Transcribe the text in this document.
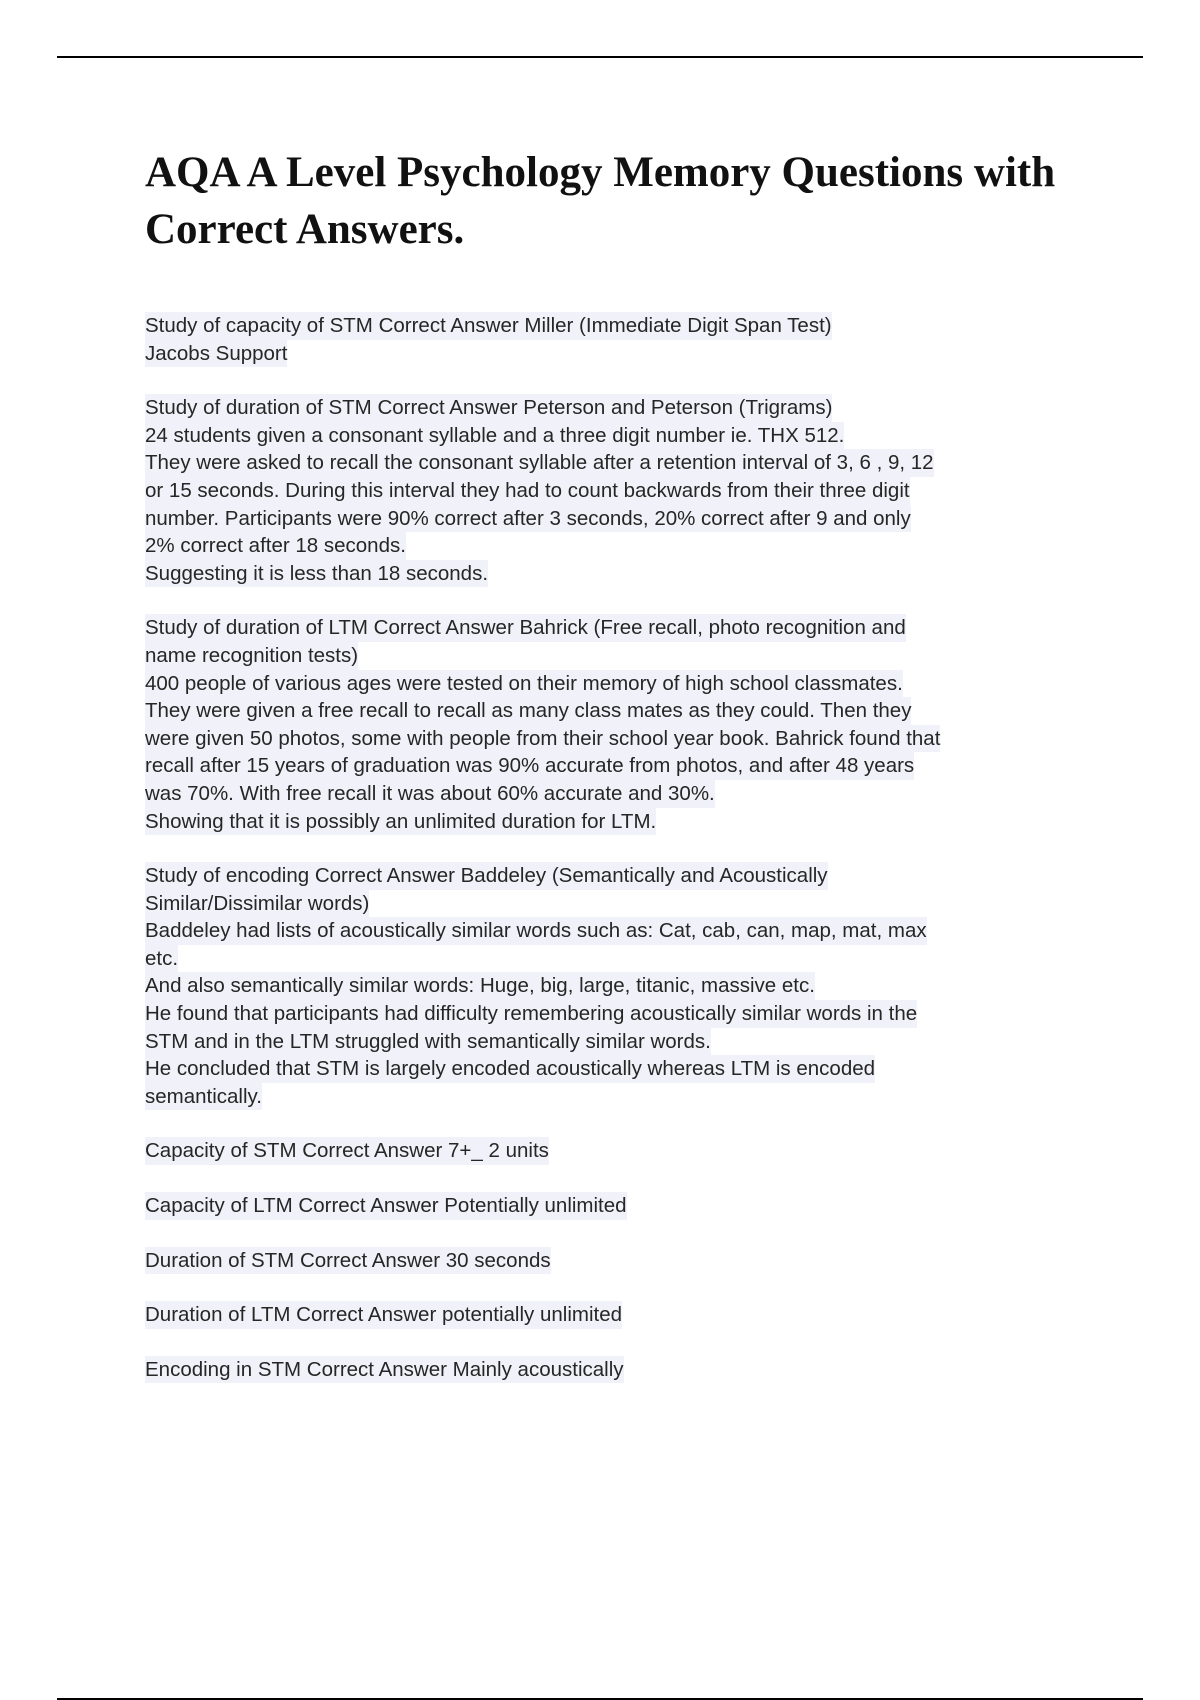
AQA A Level Psychology Memory Questions with Correct Answers.
Study of capacity of STM Correct Answer Miller (Immediate Digit Span Test)
Jacobs Support
Study of duration of STM Correct Answer Peterson and Peterson (Trigrams)
24 students given a consonant syllable and a three digit number ie. THX 512.
They were asked to recall the consonant syllable after a retention interval of 3, 6 , 9, 12
or 15 seconds. During this interval they had to count backwards from their three digit
number. Participants were 90% correct after 3 seconds, 20% correct after 9 and only
2% correct after 18 seconds.
Suggesting it is less than 18 seconds.
Study of duration of LTM Correct Answer Bahrick (Free recall, photo recognition and
name recognition tests)
400 people of various ages were tested on their memory of high school classmates.
They were given a free recall to recall as many class mates as they could. Then they
were given 50 photos, some with people from their school year book. Bahrick found that
recall after 15 years of graduation was 90% accurate from photos, and after 48 years
was 70%. With free recall it was about 60% accurate and 30%.
Showing that it is possibly an unlimited duration for LTM.
Study of encoding Correct Answer Baddeley (Semantically and Acoustically
Similar/Dissimilar words)
Baddeley had lists of acoustically similar words such as: Cat, cab, can, map, mat, max
etc.
And also semantically similar words: Huge, big, large, titanic, massive etc.
He found that participants had difficulty remembering acoustically similar words in the
STM and in the LTM struggled with semantically similar words.
He concluded that STM is largely encoded acoustically whereas LTM is encoded
semantically.
Capacity of STM Correct Answer 7+_ 2 units
Capacity of LTM Correct Answer Potentially unlimited
Duration of STM Correct Answer 30 seconds
Duration of LTM Correct Answer potentially unlimited
Encoding in STM Correct Answer Mainly acoustically
